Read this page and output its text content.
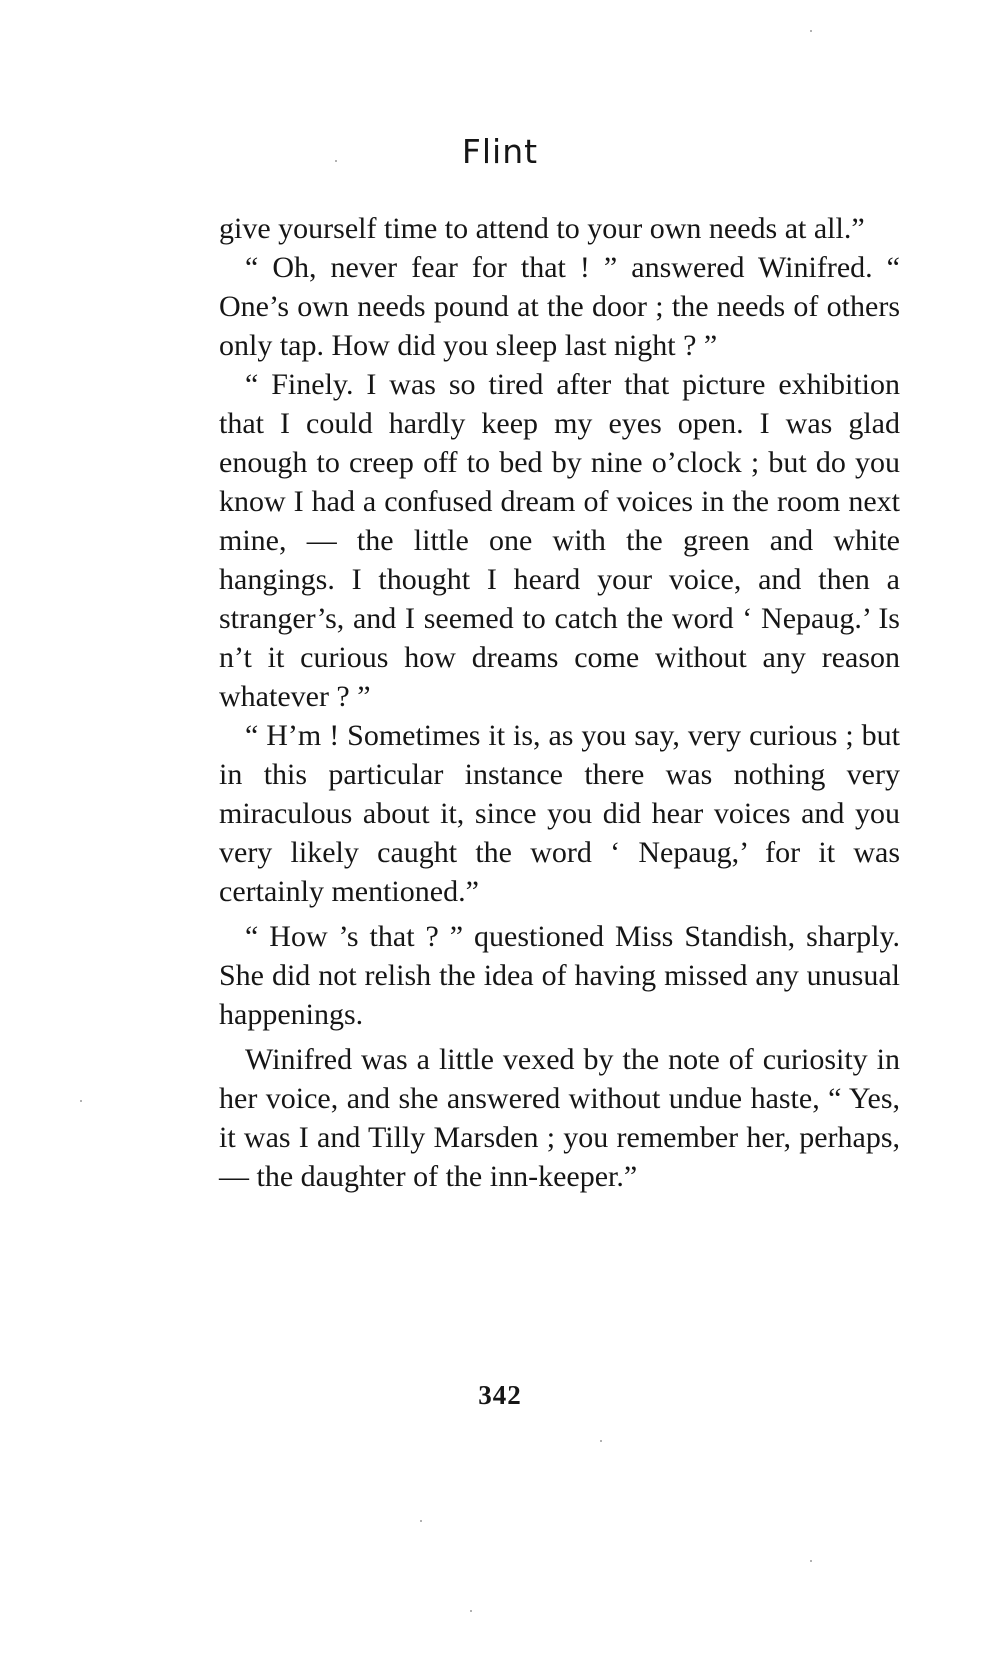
Flint

give yourself time to attend to your own needs at all.”

“ Oh, never fear for that ! ” answered Winifred. “ One’s own needs pound at the door ; the needs of others only tap. How did you sleep last night ? ”

“ Finely. I was so tired after that picture exhibition that I could hardly keep my eyes open. I was glad enough to creep off to bed by nine o’clock ; but do you know I had a confused dream of voices in the room next mine, — the little one with the green and white hangings. I thought I heard your voice, and then a stranger’s, and I seemed to catch the word ‘ Nepaug.’ Is n’t it curious how dreams come without any reason whatever ? ”

“ H’m ! Sometimes it is, as you say, very curious ; but in this particular instance there was nothing very miraculous about it, since you did hear voices and you very likely caught the word ‘ Nepaug,’ for it was certainly mentioned.”

“ How ’s that ? ” questioned Miss Standish, sharply. She did not relish the idea of having missed any unusual happenings.

Winifred was a little vexed by the note of curiosity in her voice, and she answered without undue haste, “ Yes, it was I and Tilly Marsden ; you remember her, perhaps, — the daughter of the inn-keeper.”

342
